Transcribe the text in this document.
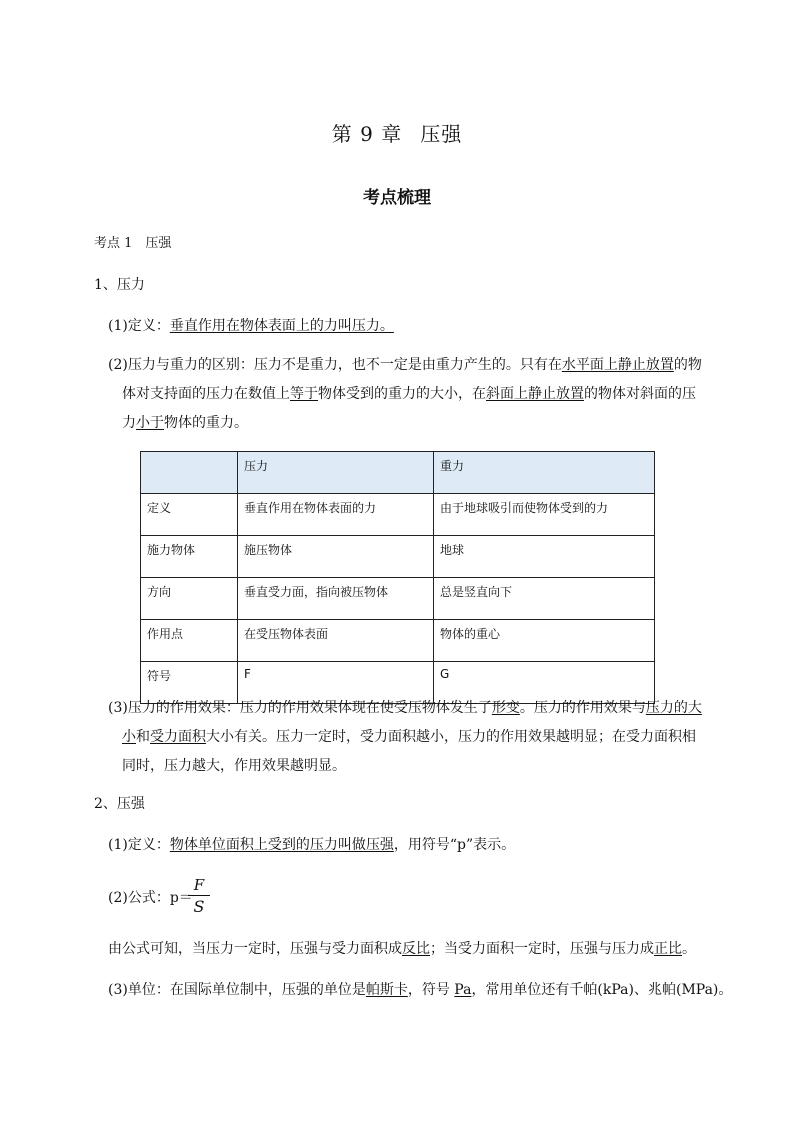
第 9 章 压强
考点梳理
考点 1　压强
1、压力
(1)定义：垂直作用在物体表面上的力叫压力。
(2)压力与重力的区别：压力不是重力，也不一定是由重力产生的。只有在水平面上静止放置的物
体对支持面的压力在数值上等于物体受到的重力的大小，在斜面上静止放置的物体对斜面的压
力小于物体的重力。
	压力	重力
定义	垂直作用在物体表面的力	由于地球吸引而使物体受到的力
施力物体	施压物体	地球
方向	垂直受力面，指向被压物体	总是竖直向下
作用点	在受压物体表面	物体的重心
符号	F	G
(3)压力的作用效果：压力的作用效果体现在使受压物体发生了形变。压力的作用效果与压力的大
小和受力面积大小有关。压力一定时，受力面积越小，压力的作用效果越明显；在受力面积相
同时，压力越大，作用效果越明显。
2、压强
(1)定义：物体单位面积上受到的压力叫做压强，用符号“p”表示。
(2)公式：p＝
F
S
由公式可知，当压力一定时，压强与受力面积成反比；当受力面积一定时，压强与压力成正比。
(3)单位：在国际单位制中，压强的单位是帕斯卡，符号 Pa，常用单位还有千帕(kPa)、兆帕(MPa)。
